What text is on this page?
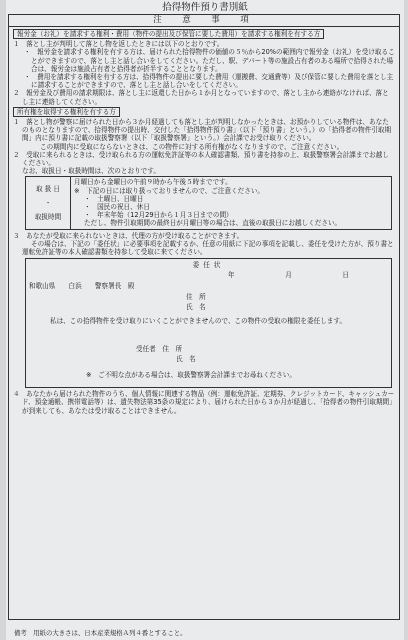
拾得物件預り書別紙
注　意　事　項
報労金（お礼）を請求する権利・費用（物件の提出及び保管に要した費用）を請求する権利を有する方

１　落とし主が判明して落とし物を返したときには以下のとおりです。

・　報労金を請求する権利を有する方は、届けられた拾得物件の価値の５％から20%の範囲内で報労金（お礼）を受け取ることができますので、落とし主と話し合いをしてください。ただし、駅、デパート等の施設占有者のある場所で拾得された場合は、報労金は施設占有者と拾得者が折半することとなります。

・　費用を請求する権利を有する方は、拾得物件の提出に要した費用（運搬費、交通費等）及び保管に要した費用を落とし主に請求することができますので、落とし主と話し合いをしてください。

２　報労金及び費用の請求期限は、落とし主に返還した日から１か月となっていますので、落とし主から連絡がなければ、落とし主に連絡してください。

所有権を取得する権利を有する方

１　落とし物が警察に届けられた日から３か月経過しても落とし主が判明しなかったときは、お預かりしている物件は、あなたのものとなりますので、拾得物件の提出時、交付した「拾得物件預り書」（以下「預り書」という。）の「拾得者の物件引取期間」内に預り書に記載の取扱警察署（以下「取扱警察署」という。）会計課でお受け取りください。

この期間内に受取にならないときは、この物件に対する所有権がなくなりますので、ご注意ください。

２　受取に来られるときは、受け取られる方の運転免許証等の本人確認書類、預り書を持参の上、取扱警察署会計課までお越しください。

なお、取扱日・取扱時間は、次のとおりです。

取 扱 日
・
取扱時間
月曜日から金曜日の午前９時から午後５時までです。
※　下記の日には取り扱っておりませんので、ご注意ください。
・　土曜日、日曜日
・　国民の祝日、休日
・　年末年始（12月29日から１月３日までの間）
ただし、物件引取期間の最終日が月曜日等の場合は、直後の取扱日にお越しください。

３　あなたが受取に来られないときは、代理の方が受け取ることができます。

その場合は、下記の「委任状」に必要事項を記載するか、任意の用紙に下記の事項を記載し、委任を受けた方が、預り書と運転免許証等の本人確認書類を持参して受取に来てください。

委任状
年　月　日
和歌山県　　白浜　　警察署長　殿
住　所
氏　名
私は、この拾得物件を受け取りにいくことができませんので、この物件の受取の権限を委任します。
受任者　住　所
氏　名
※　ご不明な点がある場合は、取扱警察署会計課までお尋ねください。

４　あなたから届けられた物件のうち、個人情報に関連する物品（例：運転免許証、定期券、クレジットカード、キャッシュカード、預金通帳、携帯電話等）は、遺失物法第35条の規定により、届けられた日から３か月が経過し、「拾得者の物件引取期間」が到来しても、あなたは受け取ることはできません。

備考　用紙の大きさは、日本産業規格Ａ列４番とすること。
